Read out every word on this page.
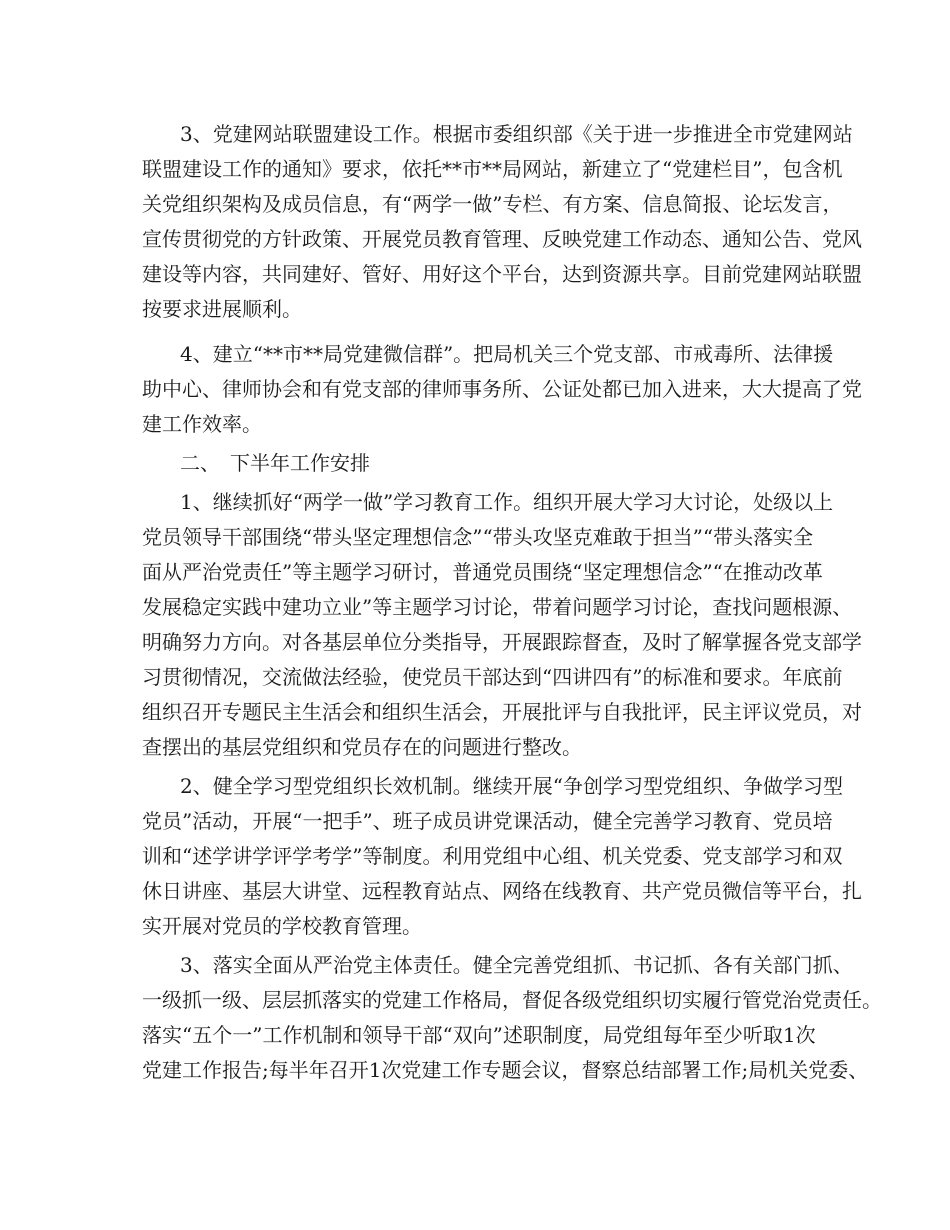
3、党建网站联盟建设工作。根据市委组织部《关于进一步推进全市党建网站
联盟建设工作的通知》要求，依托**市**局网站，新建立了“党建栏目”，包含机
关党组织架构及成员信息，有“两学一做”专栏、有方案、信息简报、论坛发言，
宣传贯彻党的方针政策、开展党员教育管理、反映党建工作动态、通知公告、党风
建设等内容，共同建好、管好、用好这个平台，达到资源共享。目前党建网站联盟
按要求进展顺利。
4、建立“**市**局党建微信群”。把局机关三个党支部、市戒毒所、法律援
助中心、律师协会和有党支部的律师事务所、公证处都已加入进来，大大提高了党
建工作效率。
二、　下半年工作安排
1、继续抓好“两学一做”学习教育工作。组织开展大学习大讨论，处级以上
党员领导干部围绕“带头坚定理想信念”“带头攻坚克难敢于担当”“带头落实全
面从严治党责任”等主题学习研讨，普通党员围绕“坚定理想信念”“在推动改革
发展稳定实践中建功立业”等主题学习讨论，带着问题学习讨论，查找问题根源、
明确努力方向。对各基层单位分类指导，开展跟踪督查，及时了解掌握各党支部学
习贯彻情况，交流做法经验，使党员干部达到“四讲四有”的标准和要求。年底前
组织召开专题民主生活会和组织生活会，开展批评与自我批评，民主评议党员，对
查摆出的基层党组织和党员存在的问题进行整改。
2、健全学习型党组织长效机制。继续开展“争创学习型党组织、争做学习型
党员”活动，开展“一把手”、班子成员讲党课活动，健全完善学习教育、党员培
训和“述学讲学评学考学”等制度。利用党组中心组、机关党委、党支部学习和双
休日讲座、基层大讲堂、远程教育站点、网络在线教育、共产党员微信等平台，扎
实开展对党员的学校教育管理。
3、落实全面从严治党主体责任。健全完善党组抓、书记抓、各有关部门抓、
一级抓一级、层层抓落实的党建工作格局，督促各级党组织切实履行管党治党责任。
落实“五个一”工作机制和领导干部“双向”述职制度，局党组每年至少听取1次
党建工作报告;每半年召开1次党建工作专题会议，督察总结部署工作;局机关党委、
